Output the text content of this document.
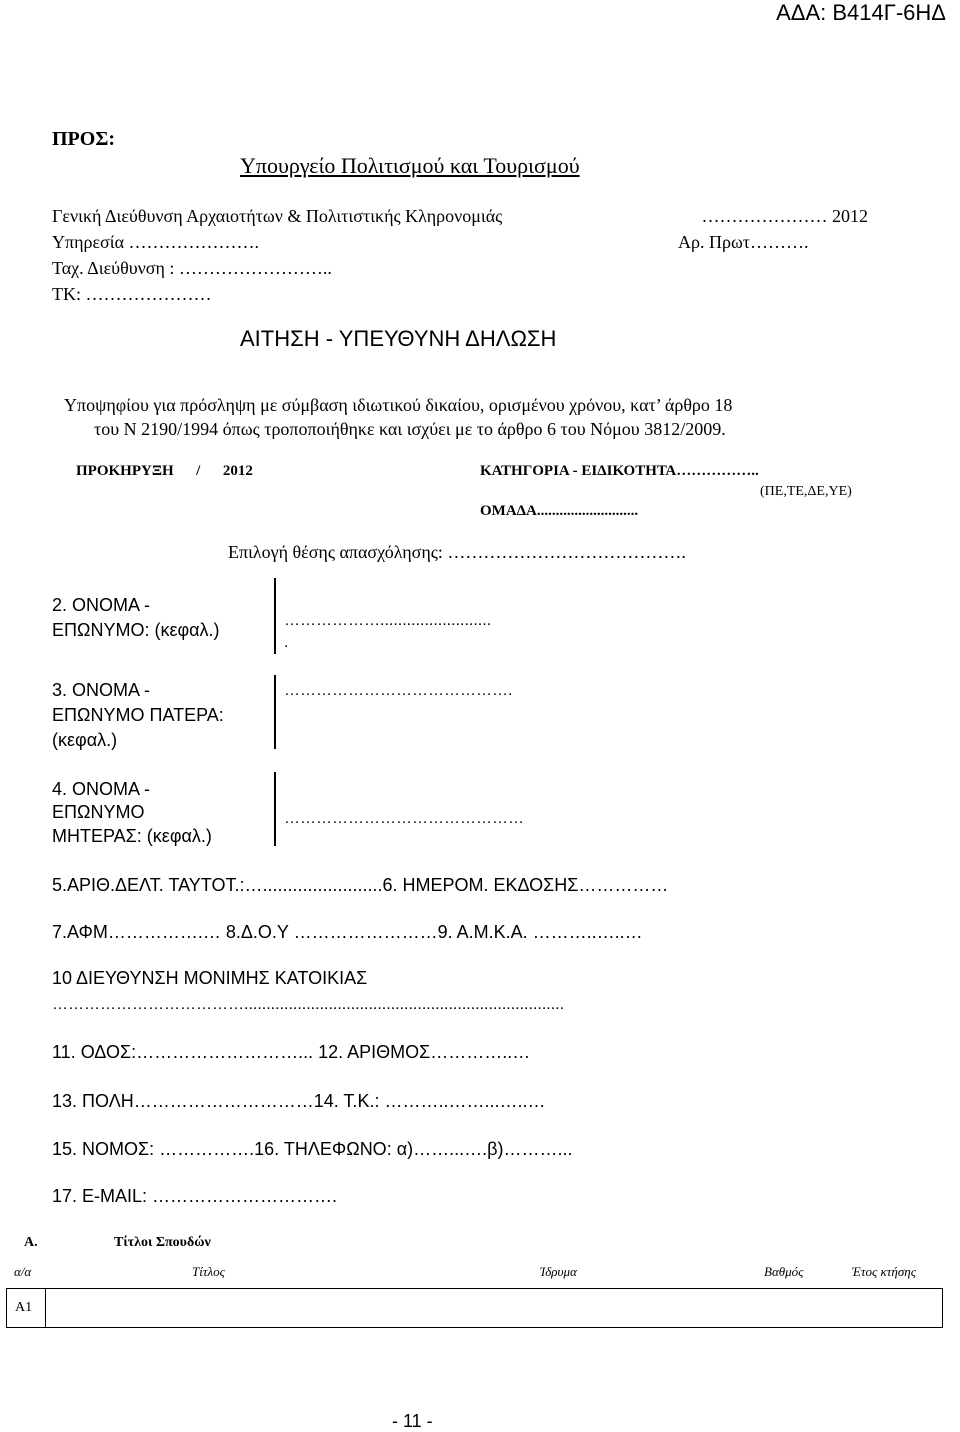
ΑΔΑ: Β414Γ-6ΗΔ
ΠΡΟΣ:
Υπουργείο Πολιτισμού και Τουρισμού
Γενική Διεύθυνση Αρχαιοτήτων & Πολιτιστικής Κληρονομιάς	………………… 2012
Υπηρεσία ………………….	Αρ. Πρωτ……….
Ταχ. Διεύθυνση : ……………………..
ΤΚ: …………………
ΑΙΤΗΣΗ - ΥΠΕΥΘΥΝΗ ΔΗΛΩΣΗ
Υποψηφίου για πρόσληψη με σύμβαση ιδιωτικού δικαίου, ορισμένου χρόνου, κατ’ άρθρο 18
του Ν 2190/1994 όπως τροποποιήθηκε και ισχύει με το άρθρο 6 του Νόμου 3812/2009.
ΠΡΟΚΗΡΥΞΗ      /      2012	ΚΑΤΗΓΟΡΙΑ - ΕΙΔΙΚΟΤΗΤΑ……………..
(ΠΕ,ΤΕ,ΔΕ,ΥΕ)
ΟΜΑΔΑ...........................
Επιλογή θέσης απασχόλησης: ………………………………….
2. ΟΝΟΜΑ -
ΕΠΩΝΥΜΟ: (κεφαλ.)	……………….........................
.
3. ΟΝΟΜΑ -
ΕΠΩΝΥΜΟ ΠΑΤΕΡΑ:
(κεφαλ.)
…………………………………….
4. ΟΝΟΜΑ -
ΕΠΩΝΥΜΟ
ΜΗΤΕΡΑΣ: (κεφαλ.)
………………………………………
5.ΑΡΙΘ.ΔΕΛΤ. ΤΑΥΤΟΤ.:…........................6. ΗΜΕΡΟΜ. ΕΚΔΟΣΗΣ……………
7.ΑΦΜ…………….… 8.Δ.Ο.Υ ……………………9. Α.Μ.Κ.Α. ………..…..…
10 ΔΙΕΥΘΥΝΣΗ ΜΟΝΙΜΗΣ ΚΑΤΟΙΚΙΑΣ
………………………………........................................................................
11. ΟΔΟΣ:………………………... 12. ΑΡΙΘΜΟΣ…………..…
13. ΠΟΛΗ…………………………14. Τ.Κ.: ………..……...…..…
15. ΝΟΜΟΣ: …………….16. ΤΗΛΕΦΩΝΟ: α)……...….β)………...
17. E-MAIL: ………………………….
Α.	Τίτλοι Σπουδών
α/α	Τίτλος	Ίδρυμα	Βαθμός	Έτος κτήσης
Α1	
- 11 -
